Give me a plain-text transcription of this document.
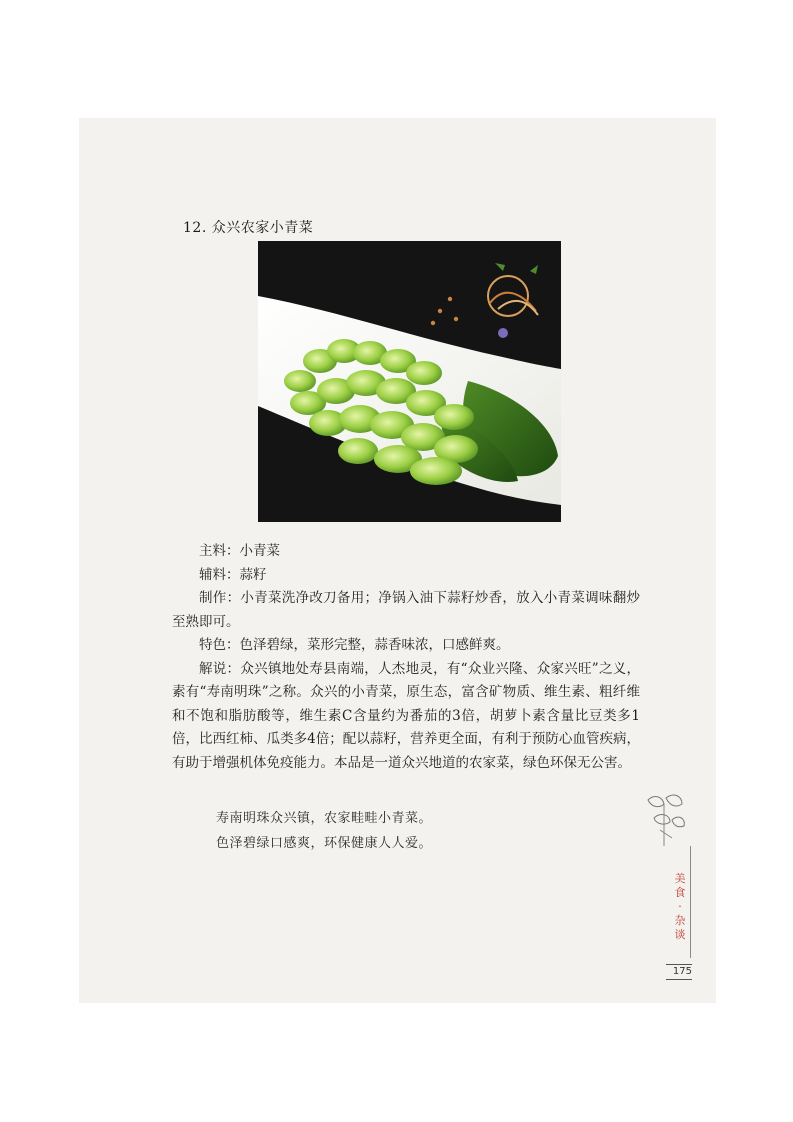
12. 众兴农家小青菜

主料：小青菜

辅料：蒜籽

制作：小青菜洗净改刀备用；净锅入油下蒜籽炒香，放入小青菜调味翻炒至熟即可。

特色：色泽碧绿，菜形完整，蒜香味浓，口感鲜爽。

解说：众兴镇地处寿县南端，人杰地灵，有“众业兴隆、众家兴旺”之义，素有“寿南明珠”之称。众兴的小青菜，原生态，富含矿物质、维生素、粗纤维和不饱和脂肪酸等，维生素C含量约为番茄的3倍，胡萝卜素含量比豆类多1倍，比西红柿、瓜类多4倍；配以蒜籽，营养更全面，有利于预防心血管疾病，有助于增强机体免疫能力。本品是一道众兴地道的农家菜，绿色环保无公害。

寿南明珠众兴镇，农家畦畦小青菜。
色泽碧绿口感爽，环保健康人人爱。
美食 · 杂谈
175
